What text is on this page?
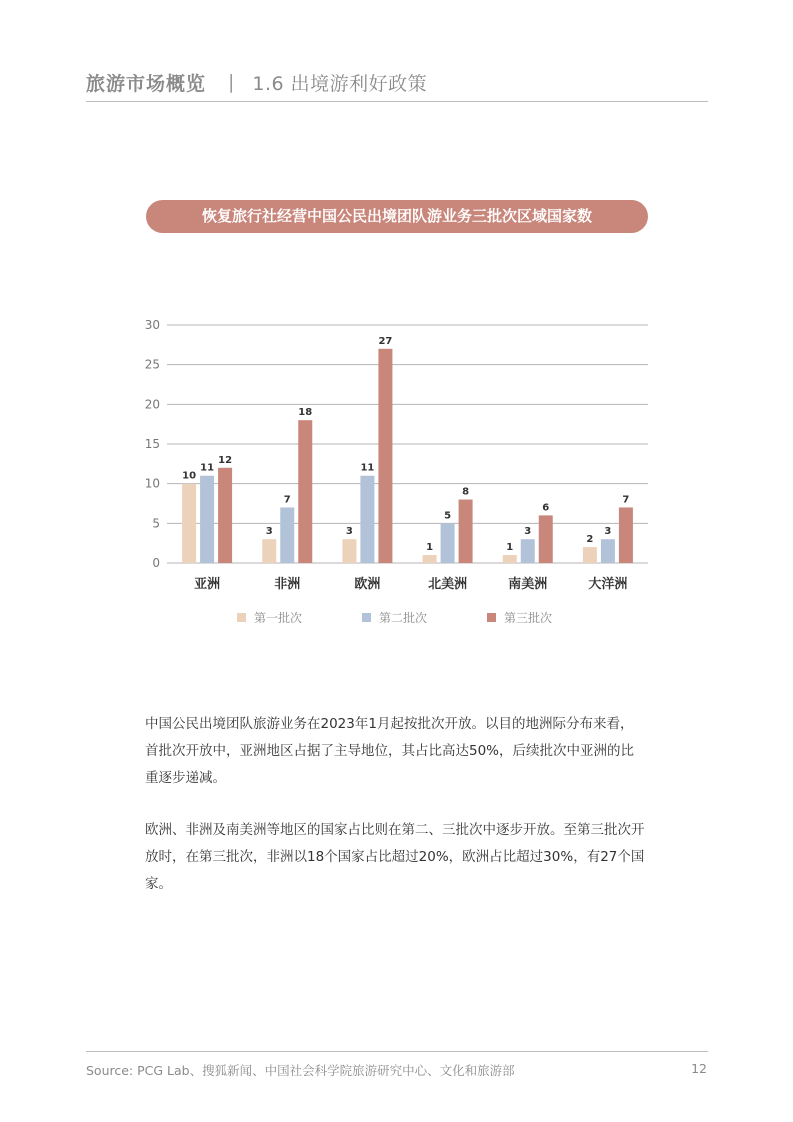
旅游市场概览 | 1.6 出境游利好政策
恢复旅行社经营中国公民出境团队游业务三批次区域国家数
0
5
10
15
20
25
30
10
11
12
亚洲
3
7
18
非洲
3
11
27
欧洲
1
5
8
北美洲
1
3
6
南美洲
2
3
7
大洋洲
第一批次	第二批次	第三批次

中国公民出境团队旅游业务在2023年1月起按批次开放。以目的地洲际分布来看，首批次开放中，亚洲地区占据了主导地位，其占比高达50%，后续批次中亚洲的比重逐步递减。

欧洲、非洲及南美洲等地区的国家占比则在第二、三批次中逐步开放。至第三批次开放时，在第三批次，非洲以18个国家占比超过20%，欧洲占比超过30%，有27个国家。

Source: PCG Lab、搜狐新闻、中国社会科学院旅游研究中心、文化和旅游部	12
